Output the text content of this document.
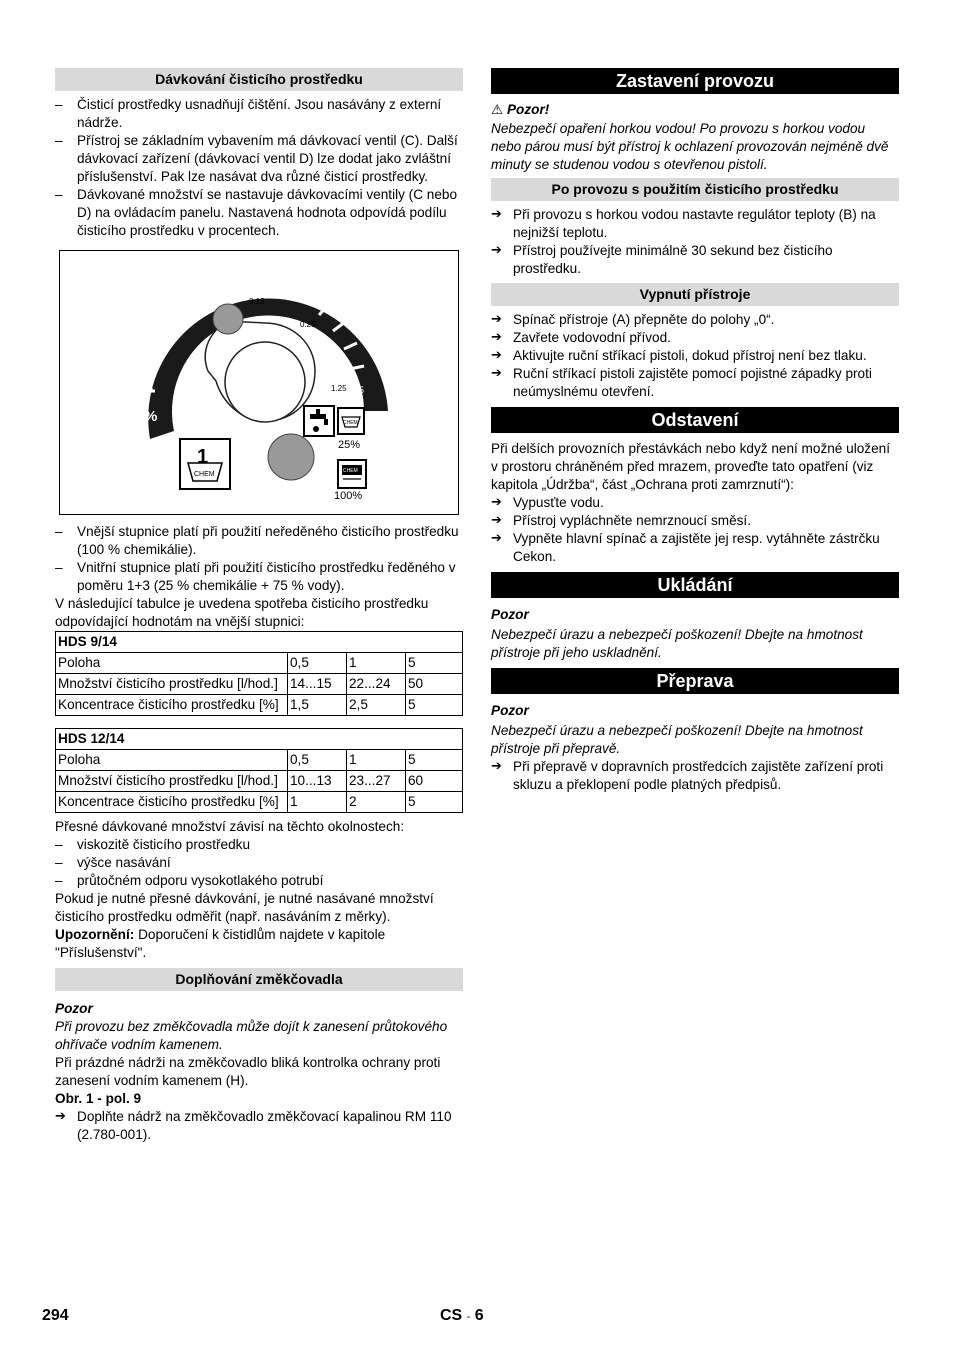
Dávkování čisticího prostředku

– Čisticí prostředky usnadňují čištění. Jsou nasávány z externí nádrže.

– Přístroj se základním vybavením má dávkovací ventil (C). Další dávkovací zařízení (dávkovací ventil D) lze dodat jako zvláštní příslušenství. Pak lze nasávat dva různé čisticí prostředky.

– Dávkované množství se nastavuje dávkovacími ventily (C nebo D) na ovládacím panelu. Nastavená hodnota odpovídá podílu čisticího prostředku v procentech.

0
0.5
1
5
0.12
0.25
1.25
%	CHEM
25%
CHEM
100%
1
CHEM

– Vnější stupnice platí při použití neředěného čisticího prostředku (100 % chemikálie).

– Vnitřní stupnice platí při použití čisticího prostředku ředěného v poměru 1+3 (25 % chemikálie + 75 % vody).

V následující tabulce je uvedena spotřeba čisticího prostředku odpovídající hodnotám na vnější stupnici:

HDS 9/14			
Poloha	0,5	1	5
Množství čisticího prostředku [l/hod.]	14...15	22...24	50
Koncentrace čisticího prostředku [%]	1,5	2,5	5
HDS 12/14			
Poloha	0,5	1	5
Množství čisticího prostředku [l/hod.]	10...13	23...27	60
Koncentrace čisticího prostředku [%]	1	2	5

Přesné dávkované množství závisí na těchto okolnostech:

– viskozitě čisticího prostředku

– výšce nasávání

– průtočném odporu vysokotlakého potrubí

Pokud je nutné přesné dávkování, je nutné nasávané množství čisticího prostředku odměřit (např. nasáváním z měrky).

Upozornění: Doporučení k čistidlům najdete v kapitole "Příslušenství".

Doplňování změkčovadla

Pozor

Při provozu bez změkčovadla může dojít k zanesení průtokového ohřívače vodním kamenem.

Při prázdné nádrži na změkčovadlo bliká kontrolka ochrany proti zanesení vodním kamenem (H).

Obr. 1 - pol. 9

➔ Doplňte nádrž na změkčovadlo změkčovací kapalinou RM 110 (2.780-001).

Zastavení provozu

⚠ Pozor!

Nebezpečí opaření horkou vodou! Po provozu s horkou vodou nebo párou musí být přístroj k ochlazení provozován nejméně dvě minuty se studenou vodou s otevřenou pistolí.

Po provozu s použitím čisticího prostředku

➔ Při provozu s horkou vodou nastavte regulátor teploty (B) na nejnižší teplotu.

➔ Přístroj používejte minimálně 30 sekund bez čisticího prostředku.

Vypnutí přístroje

➔ Spínač přístroje (A) přepněte do polohy „0“.

➔ Zavřete vodovodní přívod.

➔ Aktivujte ruční stříkací pistoli, dokud přístroj není bez tlaku.

➔ Ruční stříkací pistoli zajistěte pomocí pojistné západky proti neúmyslnému otevření.

Odstavení

Při delších provozních přestávkách nebo když není možné uložení v prostoru chráněném před mrazem, proveďte tato opatření (viz kapitola „Údržba“, část „Ochrana proti zamrznutí“):

➔ Vypusťte vodu.

➔ Přístroj vypláchněte nemrznoucí směsí.

➔ Vypněte hlavní spínač a zajistěte jej resp. vytáhněte zástrčku Cekon.

Ukládání

Pozor

Nebezpečí úrazu a nebezpečí poškození! Dbejte na hmotnost přístroje při jeho uskladnění.

Přeprava

Pozor

Nebezpečí úrazu a nebezpečí poškození! Dbejte na hmotnost přístroje při přepravě.

➔ Při přepravě v dopravních prostředcích zajistěte zařízení proti skluzu a překlopení podle platných předpisů.

294	CS - 6
